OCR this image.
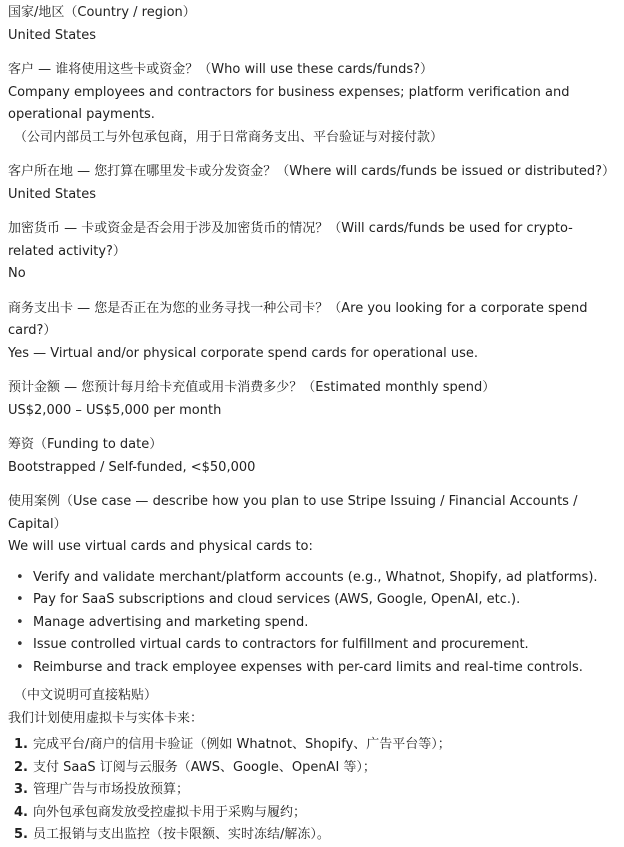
国家/地区（Country / region）
United States
客户 — 谁将使用这些卡或资金？（Who will use these cards/funds?）
Company employees and contractors for business expenses; platform verification and operational payments.
（公司内部员工与外包承包商，用于日常商务支出、平台验证与对接付款）
客户所在地 — 您打算在哪里发卡或分发资金？（Where will cards/funds be issued or distributed?）
United States
加密货币 — 卡或资金是否会用于涉及加密货币的情况？（Will cards/funds be used for crypto-related activity?）
No
商务支出卡 — 您是否正在为您的业务寻找一种公司卡？（Are you looking for a corporate spend card?）
Yes — Virtual and/or physical corporate spend cards for operational use.
预计金额 — 您预计每月给卡充值或用卡消费多少？（Estimated monthly spend）
US$2,000 – US$5,000 per month
筹资（Funding to date）
Bootstrapped / Self-funded, <$50,000
使用案例（Use case — describe how you plan to use Stripe Issuing / Financial Accounts / Capital）
We will use virtual cards and physical cards to:
• Verify and validate merchant/platform accounts (e.g., Whatnot, Shopify, ad platforms).
• Pay for SaaS subscriptions and cloud services (AWS, Google, OpenAI, etc.).
• Manage advertising and marketing spend.
• Issue controlled virtual cards to contractors for fulfillment and procurement.
• Reimburse and track employee expenses with per-card limits and real-time controls.
（中文说明可直接粘贴）
我们计划使用虚拟卡与实体卡来：
1. 完成平台/商户的信用卡验证（例如 Whatnot、Shopify、广告平台等）；
2. 支付 SaaS 订阅与云服务（AWS、Google、OpenAI 等）；
3. 管理广告与市场投放预算；
4. 向外包承包商发放受控虚拟卡用于采购与履约；
5. 员工报销与支出监控（按卡限额、实时冻结/解冻）。
